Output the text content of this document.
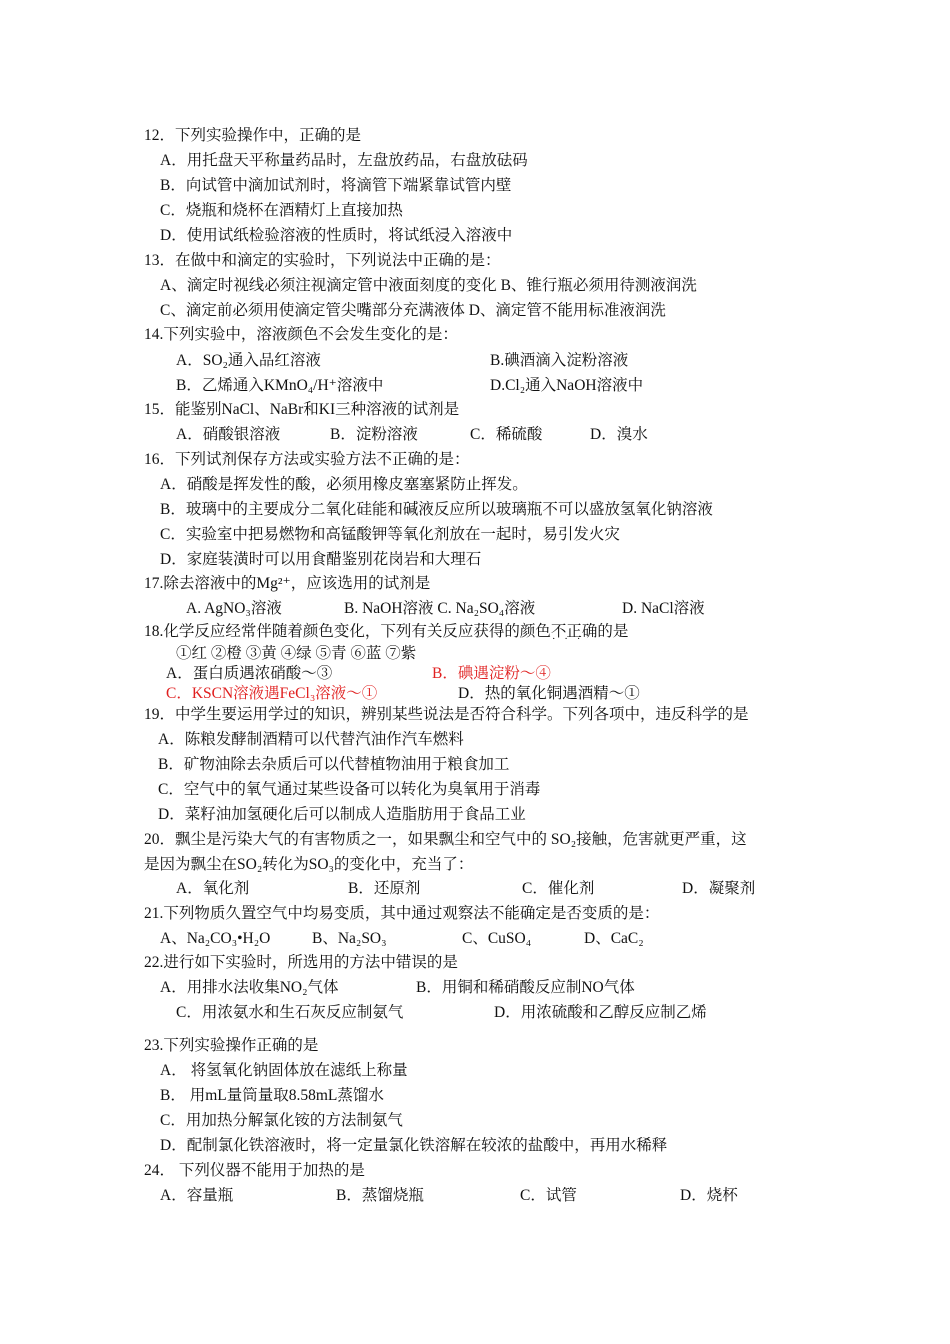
12．下列实验操作中，正确的是
A．用托盘天平称量药品时，左盘放药品，右盘放砝码
B．向试管中滴加试剂时，将滴管下端紧靠试管内壁
C．烧瓶和烧杯在酒精灯上直接加热
D．使用试纸检验溶液的性质时，将试纸浸入溶液中
13．在做中和滴定的实验时，下列说法中正确的是：
A、滴定时视线必须注视滴定管中液面刻度的变化 B、锥行瓶必须用待测液润洗
C、滴定前必须用使滴定管尖嘴部分充满液体 D、滴定管不能用标准液润洗
14.下列实验中，溶液颜色不会发生变化的是：
A．SO₂通入品红溶液	B.碘酒滴入淀粉溶液
B．乙烯通入KMnO₄/H⁺溶液中	D.Cl₂通入NaOH溶液中
15．能鉴别NaCl、NaBr和KI三种溶液的试剂是
A．硝酸银溶液	B．淀粉溶液	C．稀硫酸	D．溴水
16．下列试剂保存方法或实验方法不正确的是：
A．硝酸是挥发性的酸，必须用橡皮塞塞紧防止挥发。
B．玻璃中的主要成分二氧化硅能和碱液反应所以玻璃瓶不可以盛放氢氧化钠溶液
C．实验室中把易燃物和高锰酸钾等氧化剂放在一起时，易引发火灾
D．家庭装潢时可以用食醋鉴别花岗岩和大理石
17.除去溶液中的Mg²⁺，应该选用的试剂是
A. AgNO₃溶液	B. NaOH溶液 C. Na₂SO₄溶液	D. NaCl溶液
18.化学反应经常伴随着颜色变化，下列有关反应获得的颜色不正确 · · ·的是
①红 ②橙 ③黄 ④绿 ⑤青 ⑥蓝 ⑦紫
A．蛋白质遇浓硝酸～③	B．碘遇淀粉～④
C．KSCN溶液遇FeCl₃溶液～①	D．热的氧化铜遇酒精～①
19．中学生要运用学过的知识，辨别某些说法是否符合科学。下列各项中，违反科学的是
A．陈粮发酵制酒精可以代替汽油作汽车燃料
B．矿物油除去杂质后可以代替植物油用于粮食加工
C．空气中的氧气通过某些设备可以转化为臭氧用于消毒
D．菜籽油加氢硬化后可以制成人造脂肪用于食品工业
20．飘尘是污染大气的有害物质之一，如果飘尘和空气中的 SO₂接触，危害就更严重，这
是因为飘尘在SO₂转化为SO₃的变化中，充当了：
A．氧化剂	B．还原剂	C．催化剂	D．凝聚剂
21.下列物质久置空气中均易变质，其中通过观察法不能确定是否变质的是：
A、Na₂CO₃•H₂O	B、Na₂SO₃	C、CuSO₄	D、CaC₂
22.进行如下实验时，所选用的方法中错误的是
A．用排水法收集NO₂气体	B．用铜和稀硝酸反应制NO气体
C．用浓氨水和生石灰反应制氨气	D．用浓硫酸和乙醇反应制乙烯
23.下列实验操作正确的是
A． 将氢氧化钠固体放在滤纸上称量
B． 用mL量筒量取8.58mL蒸馏水
C．用加热分解氯化铵的方法制氨气
D．配制氯化铁溶液时，将一定量氯化铁溶解在较浓的盐酸中，再用水稀释
24． 下列仪器不能用于加热的是
A．容量瓶	B．蒸馏烧瓶	C．试管	D．烧杯
